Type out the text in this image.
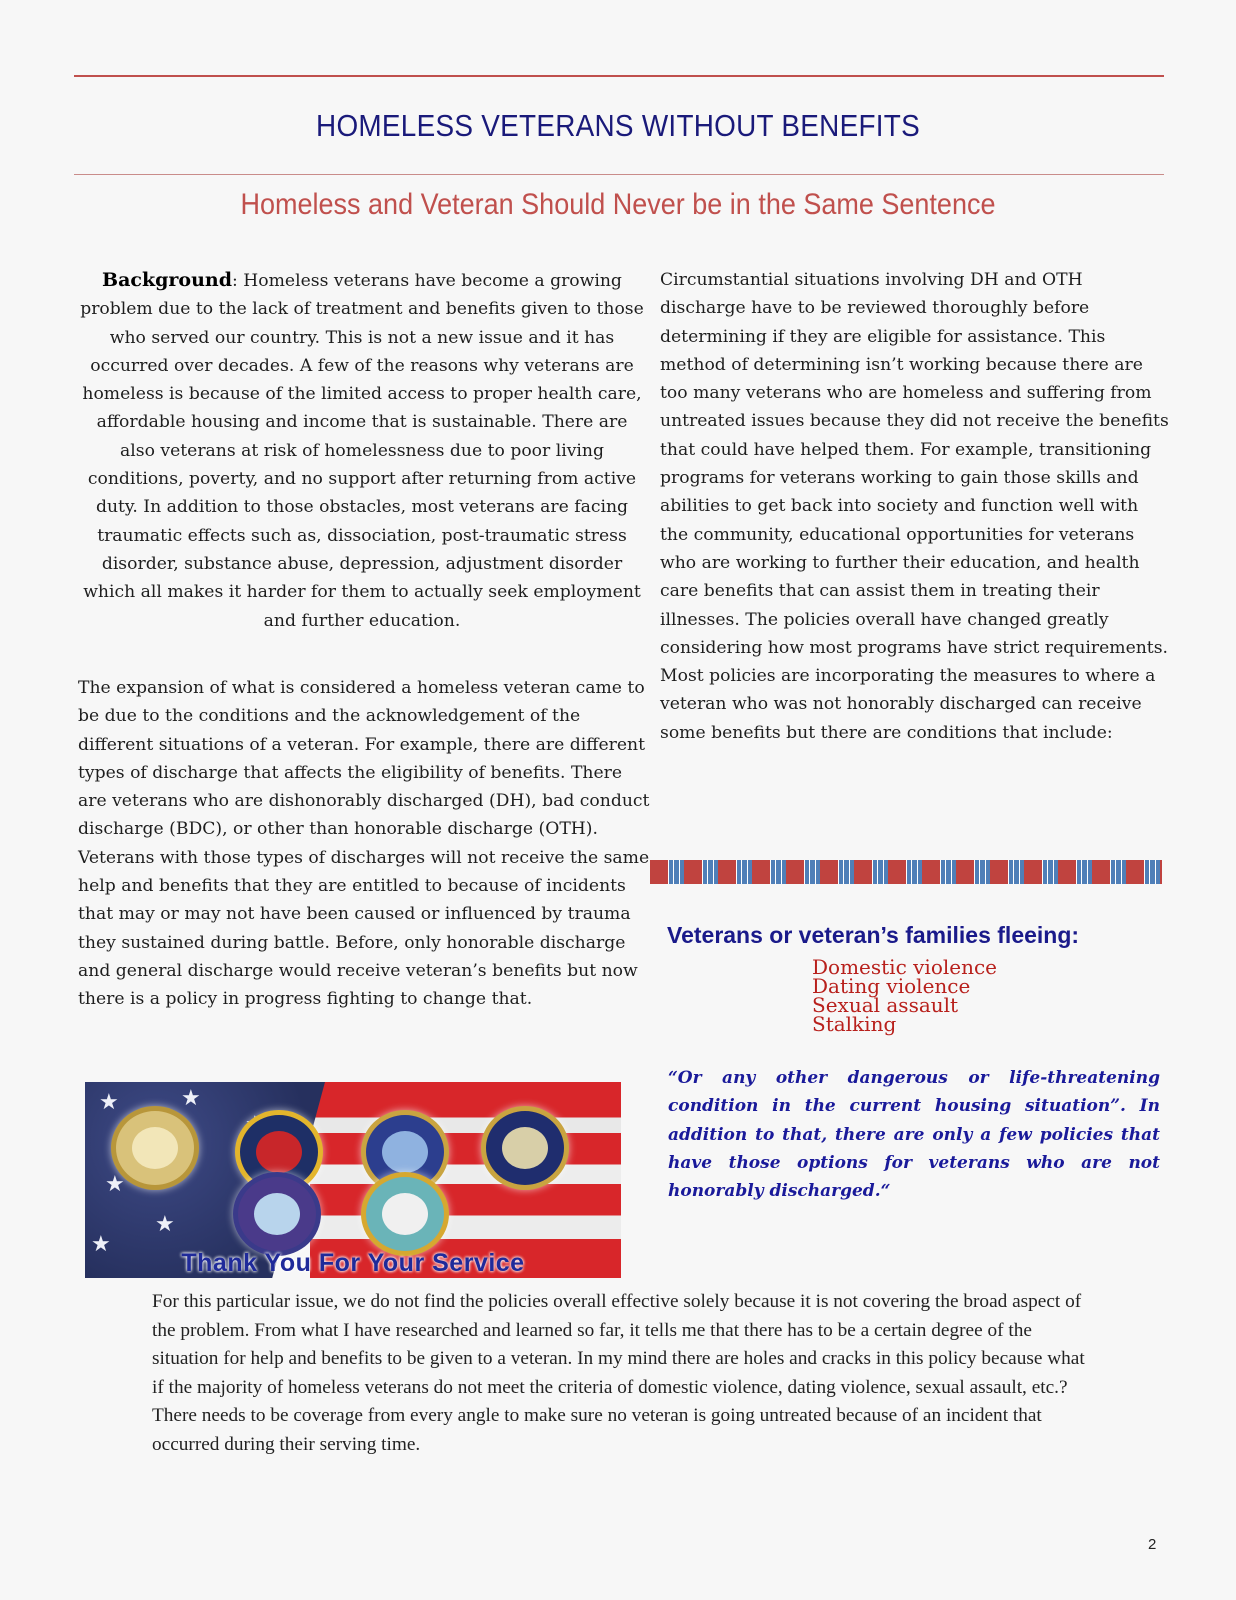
HOMELESS VETERANS WITHOUT BENEFITS
Homeless and Veteran Should Never be in the Same Sentence
Background: Homeless veterans have become a growing problem due to the lack of treatment and benefits given to those who served our country. This is not a new issue and it has occurred over decades. A few of the reasons why veterans are homeless is because of the limited access to proper health care, affordable housing and income that is sustainable. There are also veterans at risk of homelessness due to poor living conditions, poverty, and no support after returning from active duty. In addition to those obstacles, most veterans are facing traumatic effects such as, dissociation, post-traumatic stress disorder, substance abuse, depression, adjustment disorder which all makes it harder for them to actually seek employment and further education.
The expansion of what is considered a homeless veteran came to be due to the conditions and the acknowledgement of the different situations of a veteran. For example, there are different types of discharge that affects the eligibility of benefits. There are veterans who are dishonorably discharged (DH), bad conduct discharge (BDC), or other than honorable discharge (OTH). Veterans with those types of discharges will not receive the same help and benefits that they are entitled to because of incidents that may or may not have been caused or influenced by trauma they sustained during battle. Before, only honorable discharge and general discharge would receive veteran’s benefits but now there is a policy in progress fighting to change that.
Circumstantial situations involving DH and OTH discharge have to be reviewed thoroughly before determining if they are eligible for assistance. This method of determining isn’t working because there are too many veterans who are homeless and suffering from untreated issues because they did not receive the benefits that could have helped them. For example, transitioning programs for veterans working to gain those skills and abilities to get back into society and function well with the community, educational opportunities for veterans who are working to further their education, and health care benefits that can assist them in treating their illnesses. The policies overall have changed greatly considering how most programs have strict requirements. Most policies are incorporating the measures to where a veteran who was not honorably discharged can receive some benefits but there are conditions that include:
Veterans or veteran’s families fleeing:
Domestic violence
Dating violence
Sexual assault
Stalking
“Or any other dangerous or life-threatening condition in the current housing situation”. In addition to that, there are only a few policies that have those options for veterans who are not honorably discharged.“
★	★
★
★
★
Thank You For Your Service
For this particular issue, we do not find the policies overall effective solely because it is not covering the broad aspect of the problem. From what I have researched and learned so far, it tells me that there has to be a certain degree of the situation for help and benefits to be given to a veteran. In my mind there are holes and cracks in this policy because what if the majority of homeless veterans do not meet the criteria of domestic violence, dating violence, sexual assault, etc.? There needs to be coverage from every angle to make sure no veteran is going untreated because of an incident that occurred during their serving time.
2
